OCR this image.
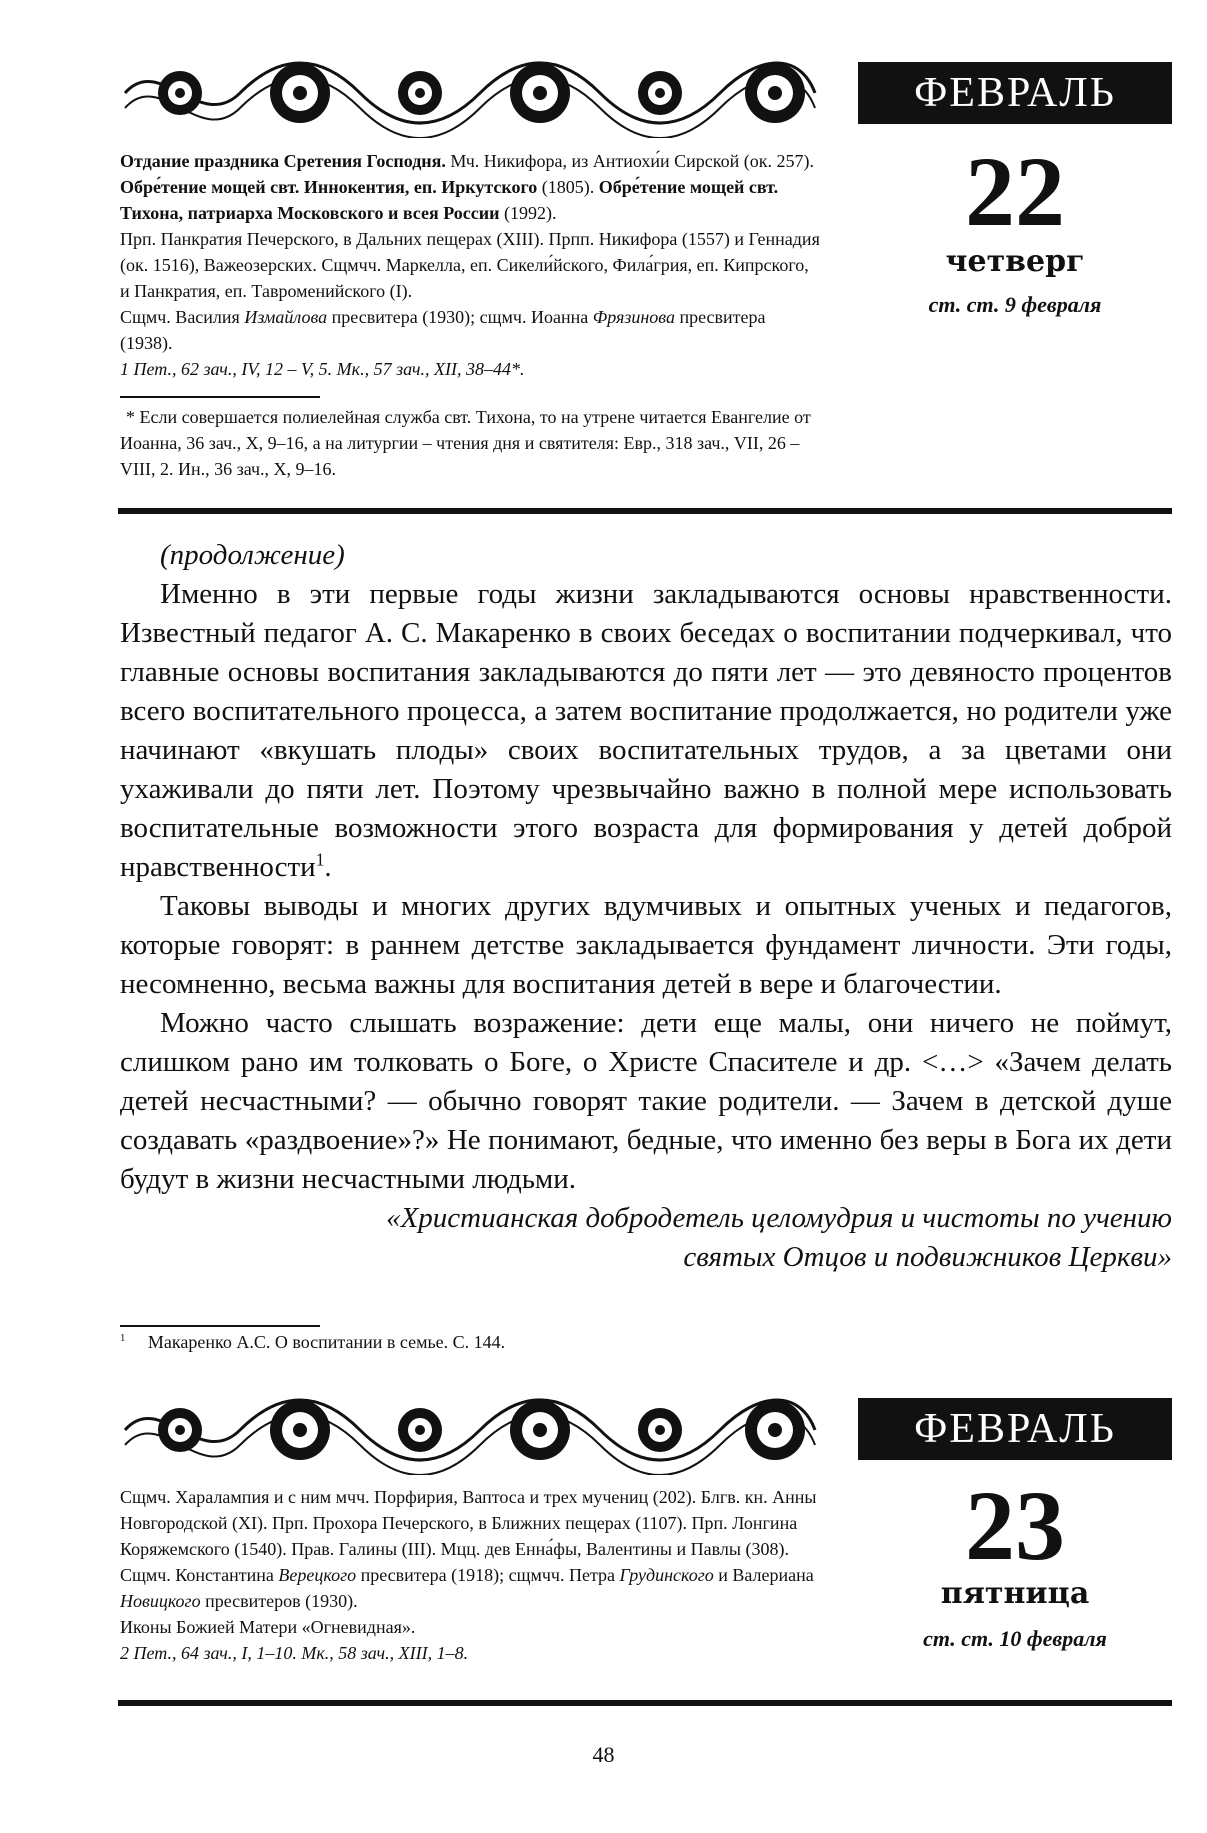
ФЕВРАЛЬ
22
четверг
ст. ст. 9 февраля

Отдание праздника Сретения Господня. Мч. Никифора, из Антиохи́и Сирской (ок. 257). Обре́тение мощей свт. Иннокентия, еп. Иркутского (1805). Обре́тение мощей свт. Тихона, патриарха Московского и всея России (1992).

Прп. Панкратия Печерского, в Дальних пещерах (XIII). Прпп. Никифора (1557) и Геннадия (ок. 1516), Важеозерских. Сщмчч. Маркелла, еп. Сикели́йского, Фила́грия, еп. Кипрского, и Панкратия, еп. Тавроменийского (I).

Сщмч. Василия Измайлова пресвитера (1930); сщмч. Иоанна Фрязинова пресвитера (1938).

1 Пет., 62 зач., IV, 12 – V, 5. Мк., 57 зач., XII, 38–44*.

* Если совершается полиелейная служба свт. Тихона, то на утрене читается Евангелие от Иоанна, 36 зач., X, 9–16, а на литургии – чтения дня и святителя: Евр., 318 зач., VII, 26 – VIII, 2. Ин., 36 зач., X, 9–16.

(продолжение)

Именно в эти первые годы жизни закладываются основы нравственности. Известный педагог А. С. Макаренко в своих беседах о воспитании подчеркивал, что главные основы воспитания закладываются до пяти лет — это девяносто процентов всего воспитательного процесса, а затем воспитание продолжается, но родители уже начинают «вкушать плоды» своих воспитательных трудов, а за цветами они ухаживали до пяти лет. Поэтому чрезвычайно важно в полной мере использовать воспитательные возможности этого возраста для формирования у детей доброй нравственности$^1$.

Таковы выводы и многих других вдумчивых и опытных ученых и педагогов, которые говорят: в раннем детстве закладывается фундамент личности. Эти годы, несомненно, весьма важны для воспитания детей в вере и благочестии.

Можно часто слышать возражение: дети еще малы, они ничего не поймут, слишком рано им толковать о Боге, о Христе Спасителе и др. <…> «Зачем делать детей несчастными? — обычно говорят такие родители. — Зачем в детской душе создавать «раздвоение»?» Не понимают, бедные, что именно без веры в Бога их дети будут в жизни несчастными людьми.

«Христианская добродетель целомудрия и чистоты по учению
святых Отцов и подвижников Церкви»
$^1$ Макаренко А.С. О воспитании в семье. С. 144.
ФЕВРАЛЬ
23
пятница
ст. ст. 10 февраля

Сщмч. Харалампия и с ним мчч. Порфирия, Ваптоса и трех мучениц (202). Блгв. кн. Анны Новгородской (XI). Прп. Прохора Печерского, в Ближних пещерах (1107). Прп. Лонгина Коряжемского (1540). Прав. Галины (III). Мцц. дев Енна́фы, Валентины и Павлы (308).

Сщмч. Константина Верецкого пресвитера (1918); сщмчч. Петра Грудинского и Валериана Новицкого пресвитеров (1930).

Иконы Божией Матери «Огневидная».

2 Пет., 64 зач., I, 1–10. Мк., 58 зач., XIII, 1–8.

48
